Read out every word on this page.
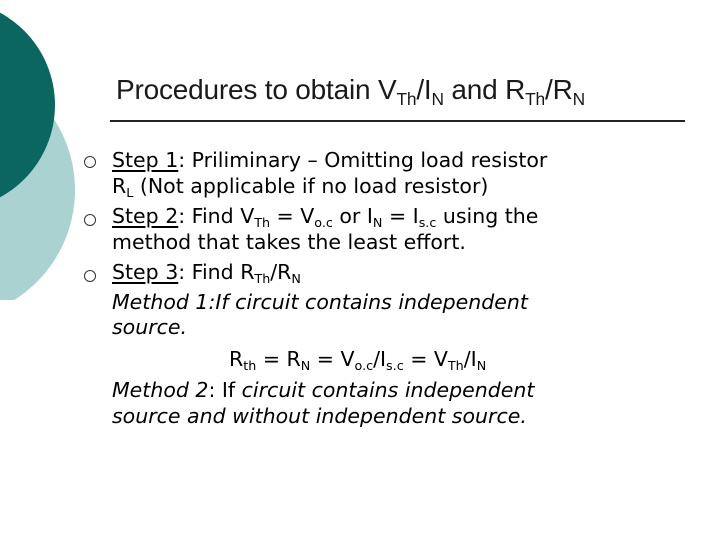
Procedures to obtain $V_{Th}/I_N$ and $R_{Th}/R_N$
Step 1: Priliminary – Omitting load resistor
$R_L$ (Not applicable if no load resistor)
Step 2: Find $V_{Th} = V_{o.c}$ or $I_N = I_{s.c}$ using the
method that takes the least effort.
Step 3: Find $R_{Th}/R_N$
Method 1:If circuit contains independent
source.
$R_{th} = R_N = V_{o.c}/I_{s.c} = V_{Th}/I_N$
Method 2: If circuit contains independent
source and without independent source.
